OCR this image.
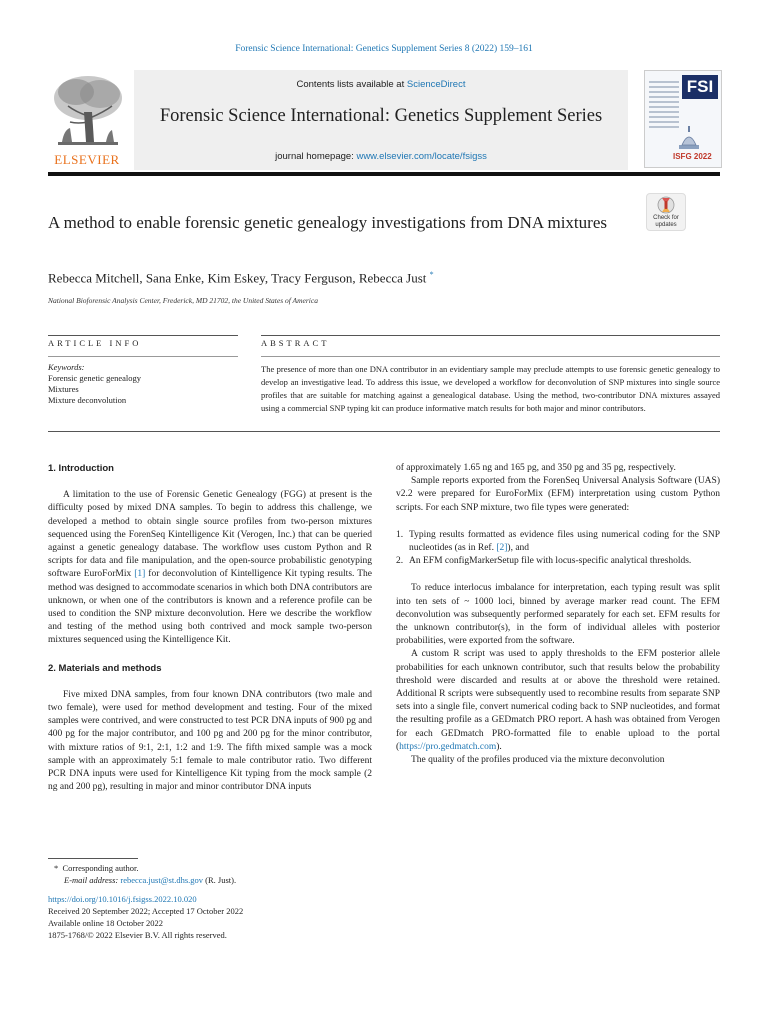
Forensic Science International: Genetics Supplement Series 8 (2022) 159–161
ELSEVIER
Contents lists available at ScienceDirect
Forensic Science International: Genetics Supplement Series
journal homepage: www.elsevier.com/locate/fsigss
FSI
ISFG 2022
A method to enable forensic genetic genealogy investigations from DNA mixtures	Check for
updates
Rebecca Mitchell, Sana Enke, Kim Eskey, Tracy Ferguson, Rebecca Just *
National Bioforensic Analysis Center, Frederick, MD 21702, the United States of America
ARTICLE INFO	ABSTRACT
Keywords:
Forensic genetic genealogy
Mixtures
Mixture deconvolution
The presence of more than one DNA contributor in an evidentiary sample may preclude attempts to use forensic genetic genealogy to develop an investigative lead. To address this issue, we developed a workflow for deconvolution of SNP mixtures into single source profiles that are suitable for matching against a genealogical database. Using the method, two-contributor DNA mixtures assayed using a commercial SNP typing kit can produce informative match results for both major and minor contributors.

1. Introduction

A limitation to the use of Forensic Genetic Genealogy (FGG) at present is the difficulty posed by mixed DNA samples. To begin to address this challenge, we developed a method to obtain single source profiles from two-person mixtures sequenced using the ForenSeq Kintelligence Kit (Verogen, Inc.) that can be queried against a genetic genealogy database. The workflow uses custom Python and R scripts for data and file manipulation, and the open-source probabilistic genotyping software EuroForMix [1] for deconvolution of Kintelligence Kit typing results. The method was designed to accommodate scenarios in which both DNA contributors are unknown, or when one of the contributors is known and a reference profile can be used to condition the SNP mixture deconvolution. Here we describe the workflow and testing of the method using both contrived and mock sample two-person mixtures sequenced using the Kintelligence Kit.

2. Materials and methods

Five mixed DNA samples, from four known DNA contributors (two male and two female), were used for method development and testing. Four of the mixed samples were contrived, and were constructed to test PCR DNA inputs of 900 pg and 400 pg for the major contributor, and 100 pg and 200 pg for the minor contributor, with mixture ratios of 9:1, 2:1, 1:2 and 1:9. The fifth mixed sample was a mock sample with an approximately 5:1 female to male contributor ratio. Two different PCR DNA inputs were used for Kintelligence Kit typing from the mock sample (2 ng and 200 pg), resulting in major and minor contributor DNA inputs

of approximately 1.65 ng and 165 pg, and 350 pg and 35 pg, respectively.

Sample reports exported from the ForenSeq Universal Analysis Software (UAS) v2.2 were prepared for EuroForMix (EFM) interpretation using custom Python scripts. For each SNP mixture, two file types were generated:

1. Typing results formatted as evidence files using numerical coding for the SNP nucleotides (as in Ref. [2]), and
2. An EFM configMarkerSetup file with locus-specific analytical thresholds.

To reduce interlocus imbalance for interpretation, each typing result was split into ten sets of ~ 1000 loci, binned by average marker read count. The EFM deconvolution was subsequently performed separately for each set. EFM results for the unknown contributor(s), in the form of individual alleles with posterior probabilities, were exported from the software.

A custom R script was used to apply thresholds to the EFM posterior allele probabilities for each unknown contributor, such that results below the probability threshold were discarded and results at or above the threshold were retained. Additional R scripts were subsequently used to recombine results from separate SNP sets into a single file, convert numerical coding back to SNP nucleotides, and format the resulting profile as a GEDmatch PRO report. A hash was obtained from Verogen for each GEDmatch PRO-formatted file to enable upload to the portal (https://pro.gedmatch.com).

The quality of the profiles produced via the mixture deconvolution

* Corresponding author.
E-mail address: rebecca.just@st.dhs.gov (R. Just).
https://doi.org/10.1016/j.fsigss.2022.10.020
Received 20 September 2022; Accepted 17 October 2022
Available online 18 October 2022
1875-1768/© 2022 Elsevier B.V. All rights reserved.
